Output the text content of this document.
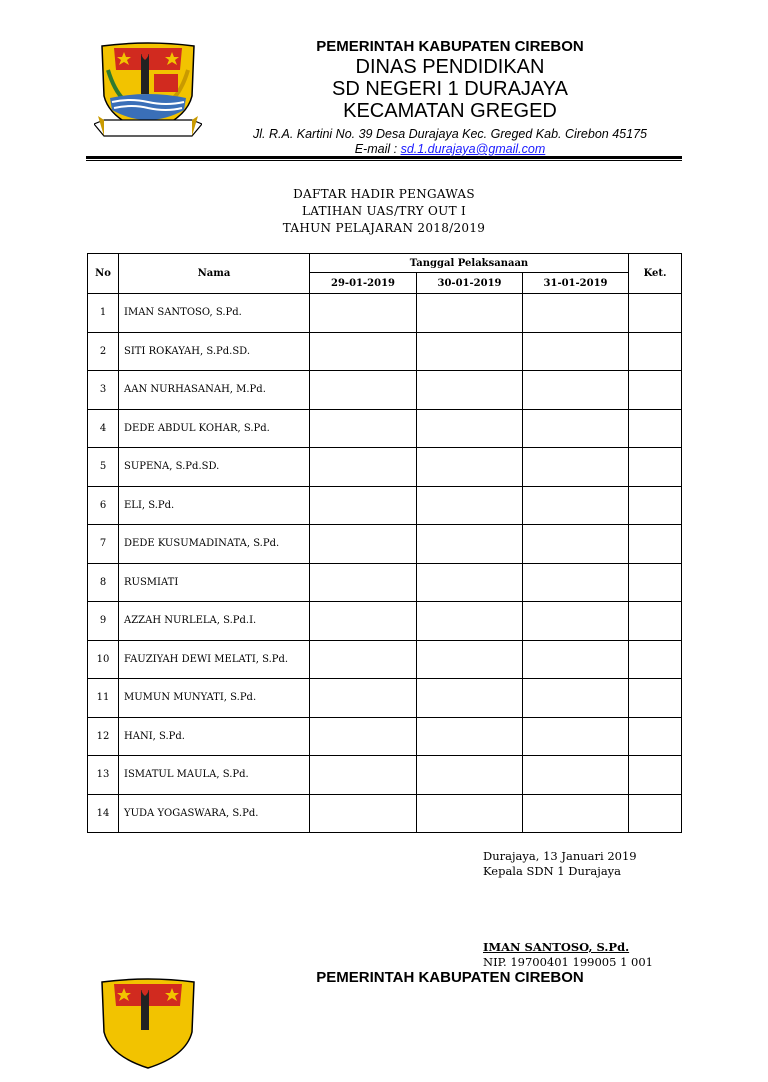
PEMERINTAH KABUPATEN CIREBON
DINAS PENDIDIKAN
SD NEGERI 1 DURAJAYA
KECAMATAN GREGED
Jl. R.A. Kartini No. 39 Desa Durajaya Kec. Greged Kab. Cirebon 45175
E-mail : sd.1.durajaya@gmail.com
DAFTAR HADIR PENGAWAS
LATIHAN UAS/TRY OUT I
TAHUN PELAJARAN 2018/2019
No	Nama	Tanggal Pelaksanaan			Ket.
		29-01-2019	30-01-2019	31-01-2019	
1	IMAN SANTOSO, S.Pd.				
2	SITI ROKAYAH, S.Pd.SD.				
3	AAN NURHASANAH, M.Pd.				
4	DEDE ABDUL KOHAR, S.Pd.				
5	SUPENA, S.Pd.SD.				
6	ELI, S.Pd.				
7	DEDE KUSUMADINATA, S.Pd.				
8	RUSMIATI				
9	AZZAH NURLELA, S.Pd.I.				
10	FAUZIYAH DEWI MELATI, S.Pd.				
11	MUMUN MUNYATI, S.Pd.				
12	HANI, S.Pd.				
13	ISMATUL MAULA, S.Pd.				
14	YUDA YOGASWARA, S.Pd.				
Durajaya, 13 Januari 2019
Kepala SDN 1 Durajaya
IMAN SANTOSO, S.Pd.
NIP. 19700401 199005 1 001
PEMERINTAH KABUPATEN CIREBON
